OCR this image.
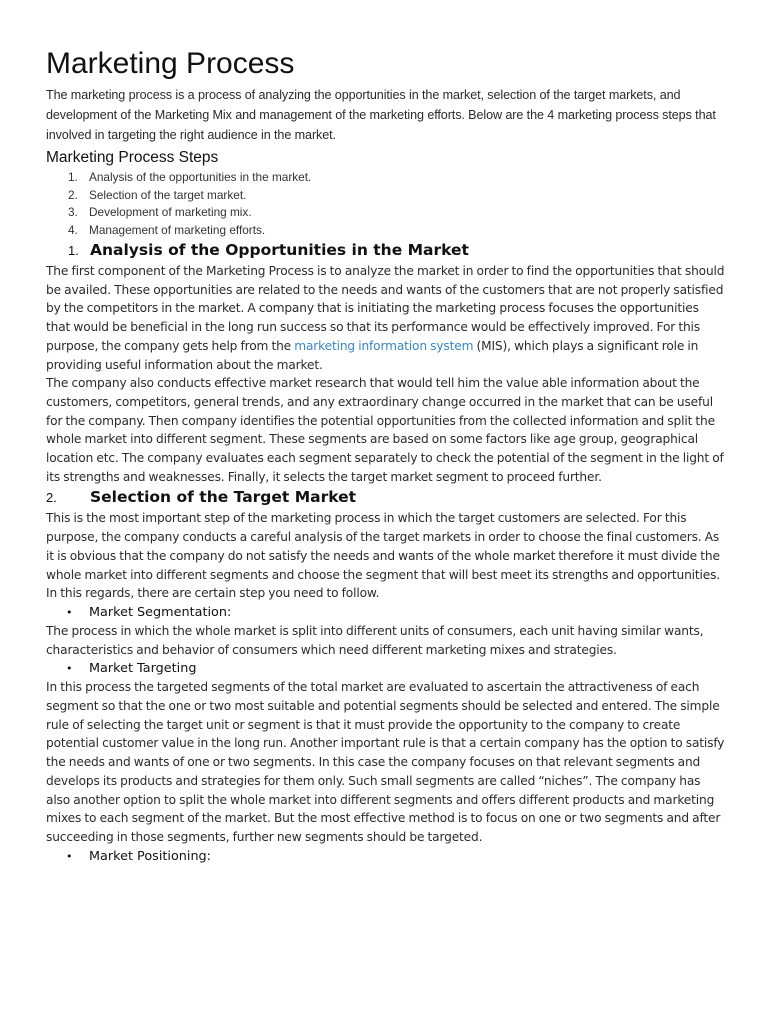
Marketing Process

The marketing process is a process of analyzing the opportunities in the market, selection of the target markets, and development of the Marketing Mix and management of the marketing efforts. Below are the 4 marketing process steps that involved in targeting the right audience in the market.

Marketing Process Steps
1. Analysis of the opportunities in the market.
2. Selection of the target market.
3. Development of marketing mix.
4. Management of marketing efforts.
1. Analysis of the Opportunities in the Market

The first component of the Marketing Process is to analyze the market in order to find the opportunities that should be availed. These opportunities are related to the needs and wants of the customers that are not properly satisfied by the competitors in the market. A company that is initiating the marketing process focuses the opportunities that would be beneficial in the long run success so that its performance would be effectively improved. For this purpose, the company gets help from the marketing information system (MIS), which plays a significant role in providing useful information about the market.

The company also conducts effective market research that would tell him the value able information about the customers, competitors, general trends, and any extraordinary change occurred in the market that can be useful for the company. Then company identifies the potential opportunities from the collected information and split the whole market into different segment. These segments are based on some factors like age group, geographical location etc. The company evaluates each segment separately to check the potential of the segment in the light of its strengths and weaknesses. Finally, it selects the target market segment to proceed further.

2.	Selection of the Target Market

This is the most important step of the marketing process in which the target customers are selected. For this purpose, the company conducts a careful analysis of the target markets in order to choose the final customers. As it is obvious that the company do not satisfy the needs and wants of the whole market therefore it must divide the whole market into different segments and choose the segment that will best meet its strengths and opportunities. In this regards, there are certain step you need to follow.

•	Market Segmentation:

The process in which the whole market is split into different units of consumers, each unit having similar wants, characteristics and behavior of consumers which need different marketing mixes and strategies.

•	Market Targeting

In this process the targeted segments of the total market are evaluated to ascertain the attractiveness of each segment so that the one or two most suitable and potential segments should be selected and entered. The simple rule of selecting the target unit or segment is that it must provide the opportunity to the company to create potential customer value in the long run. Another important rule is that a certain company has the option to satisfy the needs and wants of one or two segments. In this case the company focuses on that relevant segments and develops its products and strategies for them only. Such small segments are called “niches”. The company has also another option to split the whole market into different segments and offers different products and marketing mixes to each segment of the market. But the most effective method is to focus on one or two segments and after succeeding in those segments, further new segments should be targeted.

•	Market Positioning:
